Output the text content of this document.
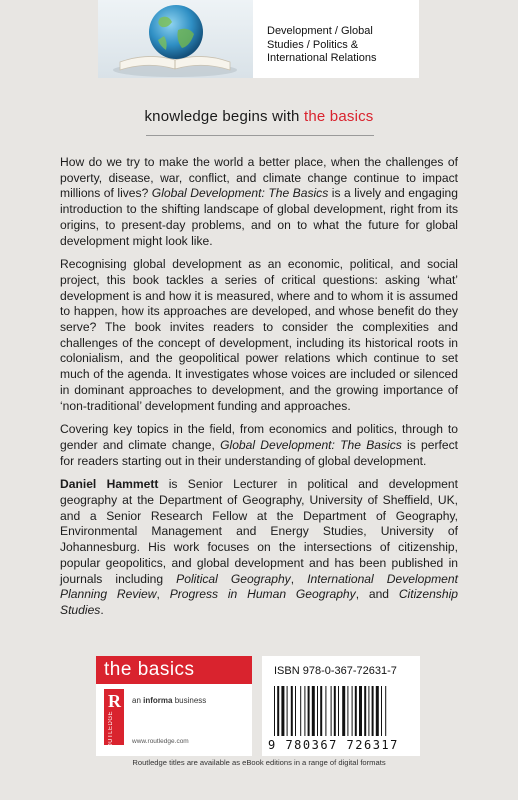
Development / Global
Studies / Politics &
International Relations
knowledge begins with the basics

How do we try to make the world a better place, when the challenges of poverty, disease, war, conflict, and climate change continue to impact millions of lives? Global Development: The Basics is a lively and engaging introduction to the shifting landscape of global development, right from its origins, to present-day problems, and on to what the future for global development might look like.

Recognising global development as an economic, political, and social project, this book tackles a series of critical questions: asking ‘what’ development is and how it is measured, where and to whom it is assumed to happen, how its approaches are developed, and whose benefit do they serve? The book invites readers to consider the complexities and challenges of the concept of development, including its historical roots in colonialism, and the geopolitical power relations which continue to set much of the agenda. It investigates whose voices are included or silenced in dominant approaches to development, and the growing importance of ‘non-traditional’ development funding and approaches.

Covering key topics in the field, from economics and politics, through to gender and climate change, Global Development: The Basics is perfect for readers starting out in their understanding of global development.

Daniel Hammett is Senior Lecturer in political and development geography at the Department of Geography, University of Sheffield, UK, and a Senior Research Fellow at the Department of Geography, Environmental Management and Energy Studies, University of Johannesburg. His work focuses on the intersections of citizenship, popular geopolitics, and global development and has been published in journals including Political Geography, International Development Planning Review, Progress in Human Geography, and Citizenship Studies.

the basics
R
ROUTLEDGE
an informa business
www.routledge.com
ISBN 978-0-367-72631-7
9 780367 726317
Routledge titles are available as eBook editions in a range of digital formats
